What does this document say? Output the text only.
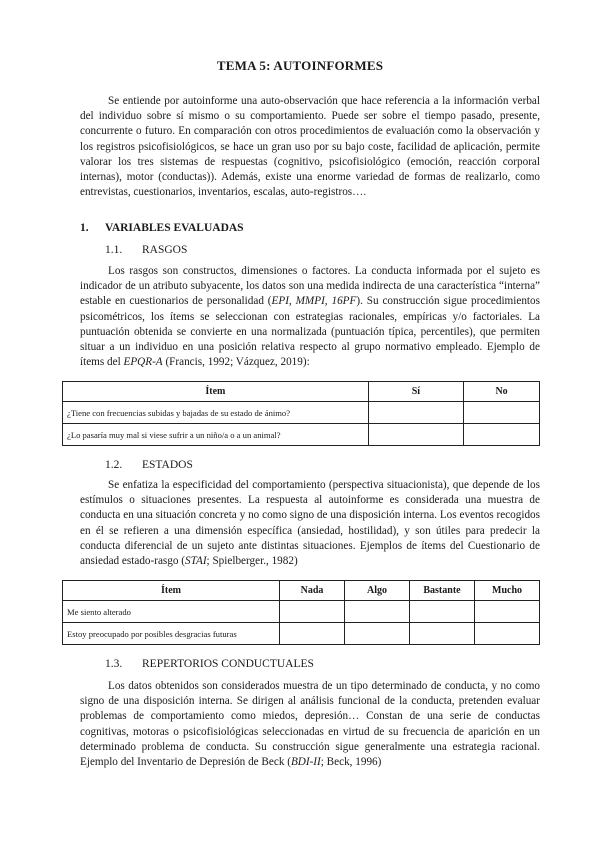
TEMA 5: AUTOINFORMES

Se entiende por autoinforme una auto-observación que hace referencia a la información verbal del individuo sobre sí mismo o su comportamiento. Puede ser sobre el tiempo pasado, presente, concurrente o futuro. En comparación con otros procedimientos de evaluación como la observación y los registros psicofisiológicos, se hace un gran uso por su bajo coste, facilidad de aplicación, permite valorar los tres sistemas de respuestas (cognitivo, psicofisiológico (emoción, reacción corporal internas), motor (conductas)). Además, existe una enorme variedad de formas de realizarlo, como entrevistas, cuestionarios, inventarios, escalas, auto-registros….

1. VARIABLES EVALUADAS
1.1. RASGOS

Los rasgos son constructos, dimensiones o factores. La conducta informada por el sujeto es indicador de un atributo subyacente, los datos son una medida indirecta de una característica “interna” estable en cuestionarios de personalidad (EPI, MMPI, 16PF). Su construcción sigue procedimientos psicométricos, los ítems se seleccionan con estrategias racionales, empíricas y/o factoriales. La puntuación obtenida se convierte en una normalizada (puntuación típica, percentiles), que permiten situar a un individuo en una posición relativa respecto al grupo normativo empleado. Ejemplo de ítems del EPQR-A (Francis, 1992; Vázquez, 2019):

Ítem	Sí	No
¿Tiene con frecuencias subidas y bajadas de su estado de ánimo?		
¿Lo pasaría muy mal si viese sufrir a un niño/a o a un animal?		
1.2. ESTADOS

Se enfatiza la especificidad del comportamiento (perspectiva situacionista), que depende de los estímulos o situaciones presentes. La respuesta al autoinforme es considerada una muestra de conducta en una situación concreta y no como signo de una disposición interna. Los eventos recogidos en él se refieren a una dimensión específica (ansiedad, hostilidad), y son útiles para predecir la conducta diferencial de un sujeto ante distintas situaciones. Ejemplos de ítems del Cuestionario de ansiedad estado-rasgo (STAI; Spielberger., 1982)

Ítem	Nada	Algo	Bastante	Mucho
Me siento alterado				
Estoy preocupado por posibles desgracias futuras				
1.3. REPERTORIOS CONDUCTUALES

Los datos obtenidos son considerados muestra de un tipo determinado de conducta, y no como signo de una disposición interna. Se dirigen al análisis funcional de la conducta, pretenden evaluar problemas de comportamiento como miedos, depresión… Constan de una serie de conductas cognitivas, motoras o psicofisiológicas seleccionadas en virtud de su frecuencia de aparición en un determinado problema de conducta. Su construcción sigue generalmente una estrategia racional. Ejemplo del Inventario de Depresión de Beck (BDI-II; Beck, 1996)
